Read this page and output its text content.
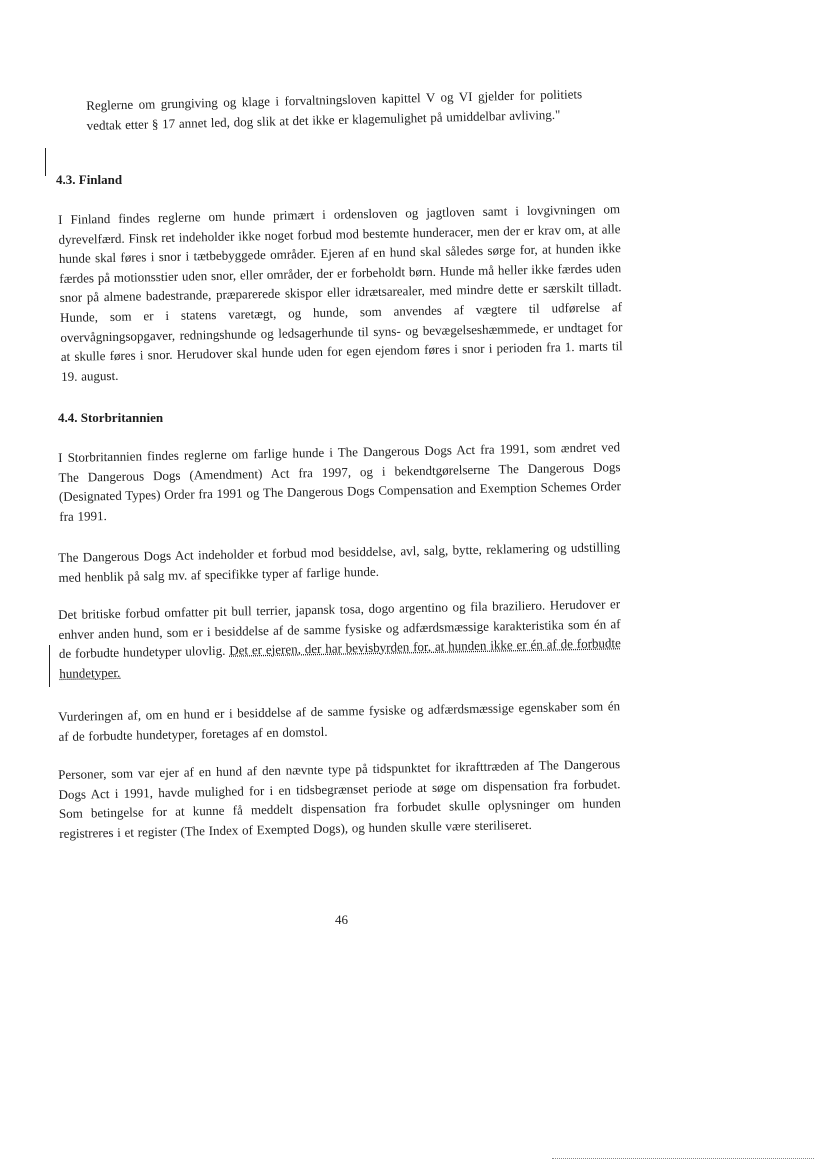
Reglerne om grungiving og klage i forvaltningsloven kapittel V og VI gjelder for politiets vedtak etter § 17 annet led, dog slik at det ikke er klagemulighet på umiddelbar avliving."

4.3. Finland

I Finland findes reglerne om hunde primært i ordensloven og jagtloven samt i lovgivningen om dyrevelfærd. Finsk ret indeholder ikke noget forbud mod bestemte hunderacer, men der er krav om, at alle hunde skal føres i snor i tætbebyggede områder. Ejeren af en hund skal således sørge for, at hunden ikke færdes på motionsstier uden snor, eller områder, der er forbeholdt børn. Hunde må heller ikke færdes uden snor på almene badestrande, præparerede skispor eller idrætsarealer, med mindre dette er særskilt tilladt. Hunde, som er i statens varetægt, og hunde, som anvendes af vægtere til udførelse af overvågningsopgaver, redningshunde og ledsagerhunde til syns- og bevægelseshæmmede, er undtaget for at skulle føres i snor. Herudover skal hunde uden for egen ejendom føres i snor i perioden fra 1. marts til 19. august.

4.4. Storbritannien

I Storbritannien findes reglerne om farlige hunde i The Dangerous Dogs Act fra 1991, som ændret ved The Dangerous Dogs (Amendment) Act fra 1997, og i bekendtgørelserne The Dangerous Dogs (Designated Types) Order fra 1991 og The Dangerous Dogs Compensation and Exemption Schemes Order fra 1991.

The Dangerous Dogs Act indeholder et forbud mod besiddelse, avl, salg, bytte, reklamering og udstilling med henblik på salg mv. af specifikke typer af farlige hunde.

Det britiske forbud omfatter pit bull terrier, japansk tosa, dogo argentino og fila braziliero. Herudover er enhver anden hund, som er i besiddelse af de samme fysiske og adfærdsmæssige karakteristika som én af de forbudte hundetyper ulovlig. Det er ejeren, der har bevisbyrden for, at hunden ikke er én af de forbudte hundetyper.

Vurderingen af, om en hund er i besiddelse af de samme fysiske og adfærdsmæssige egenskaber som én af de forbudte hundetyper, foretages af en domstol.

Personer, som var ejer af en hund af den nævnte type på tidspunktet for ikrafttræden af The Dangerous Dogs Act i 1991, havde mulighed for i en tidsbegrænset periode at søge om dispensation fra forbudet. Som betingelse for at kunne få meddelt dispensation fra forbudet skulle oplysninger om hunden registreres i et register (The Index of Exempted Dogs), og hunden skulle være steriliseret.

46
